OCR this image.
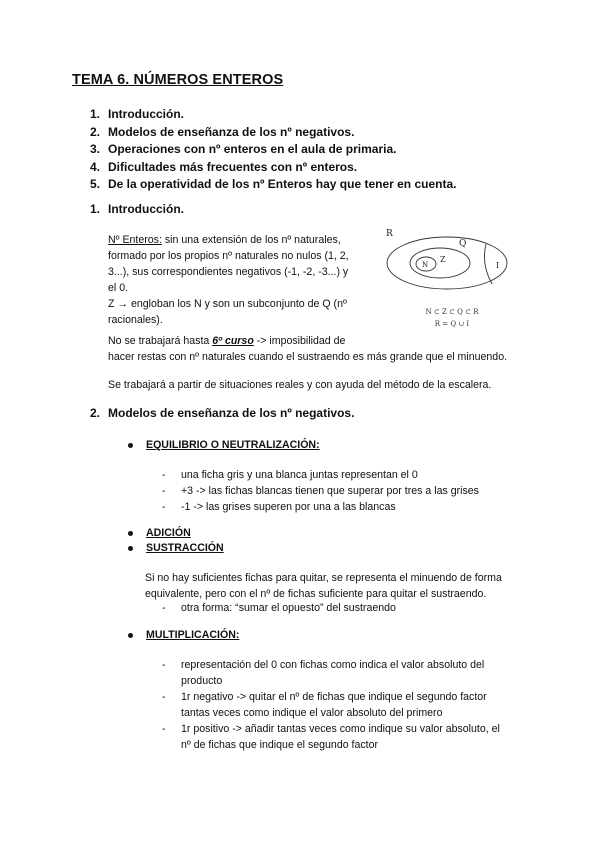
TEMA 6. NÚMEROS ENTEROS
1. Introducción.
2. Modelos de enseñanza de los nº negativos.
3. Operaciones con nº enteros en el aula de primaria.
4. Dificultades más frecuentes con nº enteros.
5. De la operatividad de los nº Enteros hay que tener en cuenta.
1. Introducción.
Nº Enteros: sin una extensión de los nº naturales,
formado por los propios nº naturales no nulos (1, 2,
3...), sus correspondientes negativos (-1, -2, -3...) y
el 0.
Z → engloban los N y son un subconjunto de Q (nº
racionales).
No se trabajará hasta 6º curso -> imposibilidad de
hacer restas con nº naturales cuando el sustraendo es más grande que el minuendo.

Se trabajará a partir de situaciones reales y con ayuda del método de la escalera.

R
Q
Z
N	I
N ⊂ Z ⊂ Q ⊂ R
R = Q ∪ I
2. Modelos de enseñanza de los nº negativos.
EQUILIBRIO O NEUTRALIZACIÓN:
-	una ficha gris y una blanca juntas representan el 0
-	+3 -> las fichas blancas tienen que superar por tres a las grises
-	-1 -> las grises superen por una a las blancas
ADICIÓN
SUSTRACCIÓN
Si no hay suficientes fichas para quitar, se representa el minuendo de forma
equivalente, pero con el nº de fichas suficiente para quitar el sustraendo.
-	otra forma: “sumar el opuesto” del sustraendo
MULTIPLICACIÓN:
-	representación del 0 con fichas como indica el valor absoluto del
producto
-	1r negativo -> quitar el nº de fichas que indique el segundo factor
tantas veces como indique el valor absoluto del primero
-	1r positivo -> añadir tantas veces como indique su valor absoluto, el
nº de fichas que indique el segundo factor
